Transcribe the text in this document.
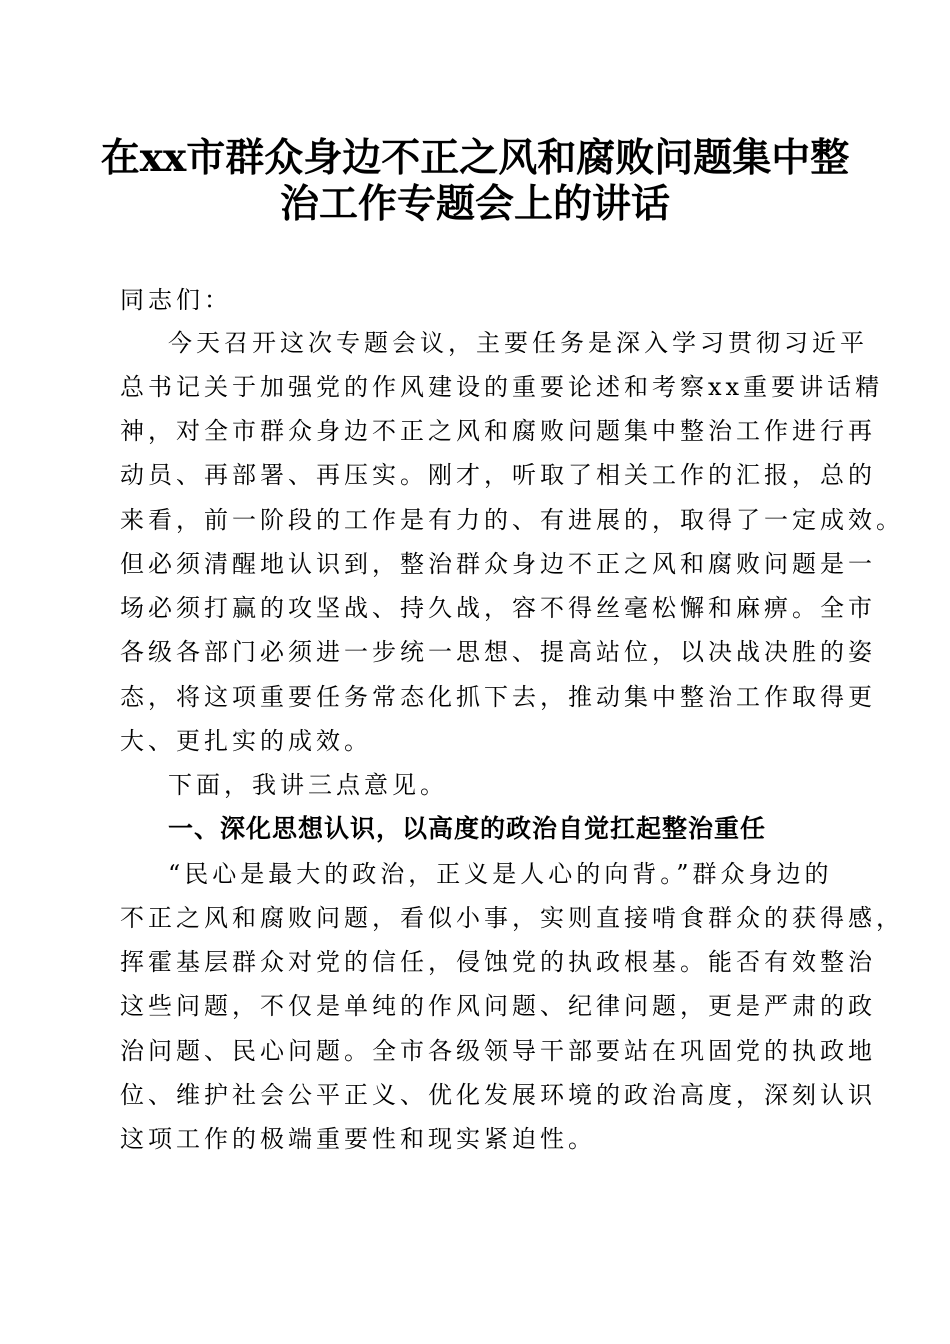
在xx市群众身边不正之风和腐败问题集中整
治工作专题会上的讲话

同志们：

今天召开这次专题会议，主要任务是深入学习贯彻习近平

总书记关于加强党的作风建设的重要论述和考察xx重要讲话精

神，对全市群众身边不正之风和腐败问题集中整治工作进行再

动员、再部署、再压实。刚才，听取了相关工作的汇报，总的

来看，前一阶段的工作是有力的、有进展的，取得了一定成效。

但必须清醒地认识到，整治群众身边不正之风和腐败问题是一

场必须打赢的攻坚战、持久战，容不得丝毫松懈和麻痹。全市

各级各部门必须进一步统一思想、提高站位，以决战决胜的姿

态，将这项重要任务常态化抓下去，推动集中整治工作取得更

大、更扎实的成效。

下面，我讲三点意见。

一、深化思想认识，以高度的政治自觉扛起整治重任

“民心是最大的政治，正义是人心的向背。”群众身边的

不正之风和腐败问题，看似小事，实则直接啃食群众的获得感，

挥霍基层群众对党的信任，侵蚀党的执政根基。能否有效整治

这些问题，不仅是单纯的作风问题、纪律问题，更是严肃的政

治问题、民心问题。全市各级领导干部要站在巩固党的执政地

位、维护社会公平正义、优化发展环境的政治高度，深刻认识

这项工作的极端重要性和现实紧迫性。
